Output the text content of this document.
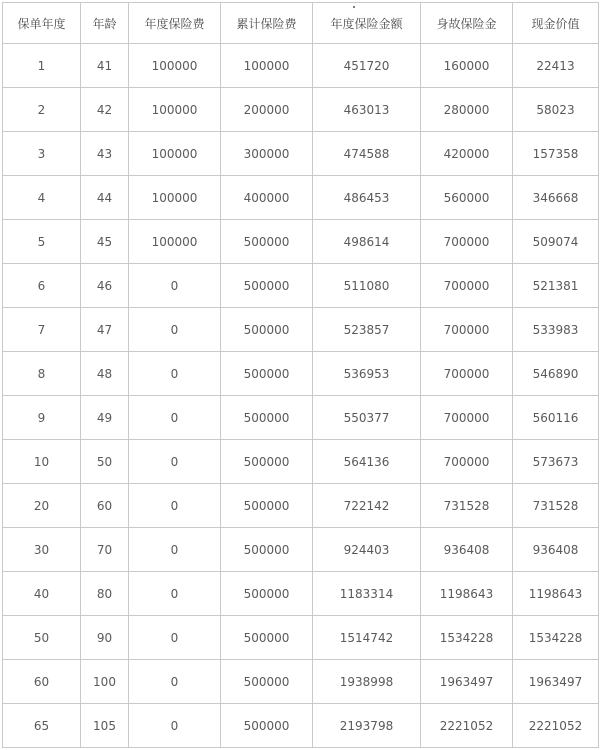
保单年度	年龄	年度保险费	累计保险费	年度保险金额	身故保险金	现金价值
1	41	100000	100000	451720	160000	22413
2	42	100000	200000	463013	280000	58023
3	43	100000	300000	474588	420000	157358
4	44	100000	400000	486453	560000	346668
5	45	100000	500000	498614	700000	509074
6	46	0	500000	511080	700000	521381
7	47	0	500000	523857	700000	533983
8	48	0	500000	536953	700000	546890
9	49	0	500000	550377	700000	560116
10	50	0	500000	564136	700000	573673
20	60	0	500000	722142	731528	731528
30	70	0	500000	924403	936408	936408
40	80	0	500000	1183314	1198643	1198643
50	90	0	500000	1514742	1534228	1534228
60	100	0	500000	1938998	1963497	1963497
65	105	0	500000	2193798	2221052	2221052
